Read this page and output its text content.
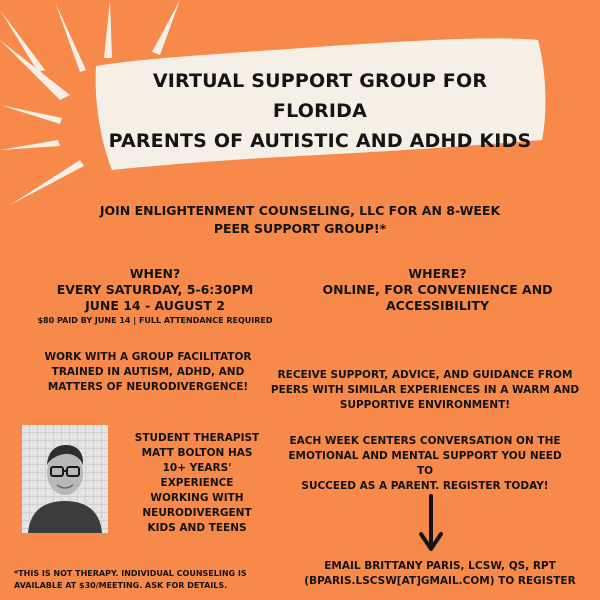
VIRTUAL SUPPORT GROUP FOR FLORIDA
PARENTS OF AUTISTIC AND ADHD KIDS
JOIN ENLIGHTENMENT COUNSELING, LLC FOR AN 8-WEEK
PEER SUPPORT GROUP!*
WHEN?
EVERY SATURDAY, 5-6:30PM
JUNE 14 - AUGUST 2
$80 PAID BY JUNE 14 | FULL ATTENDANCE REQUIRED
WHERE?
ONLINE, FOR CONVENIENCE AND
ACCESSIBILITY
WORK WITH A GROUP FACILITATOR
TRAINED IN AUTISM, ADHD, AND
MATTERS OF NEURODIVERGENCE!
RECEIVE SUPPORT, ADVICE, AND GUIDANCE FROM
PEERS WITH SIMILAR EXPERIENCES IN A WARM AND
SUPPORTIVE ENVIRONMENT!
EACH WEEK CENTERS CONVERSATION ON THE
EMOTIONAL AND MENTAL SUPPORT YOU NEED TO
SUCCEED AS A PARENT. REGISTER TODAY!
STUDENT THERAPIST
MATT BOLTON HAS
10+ YEARS'
EXPERIENCE
WORKING WITH
NEURODIVERGENT
KIDS AND TEENS
EMAIL BRITTANY PARIS, LCSW, QS, RPT
(BPARIS.LSCSW[AT]GMAIL.COM) TO REGISTER
*THIS IS NOT THERAPY. INDIVIDUAL COUNSELING IS
AVAILABLE AT $30/MEETING. ASK FOR DETAILS.
